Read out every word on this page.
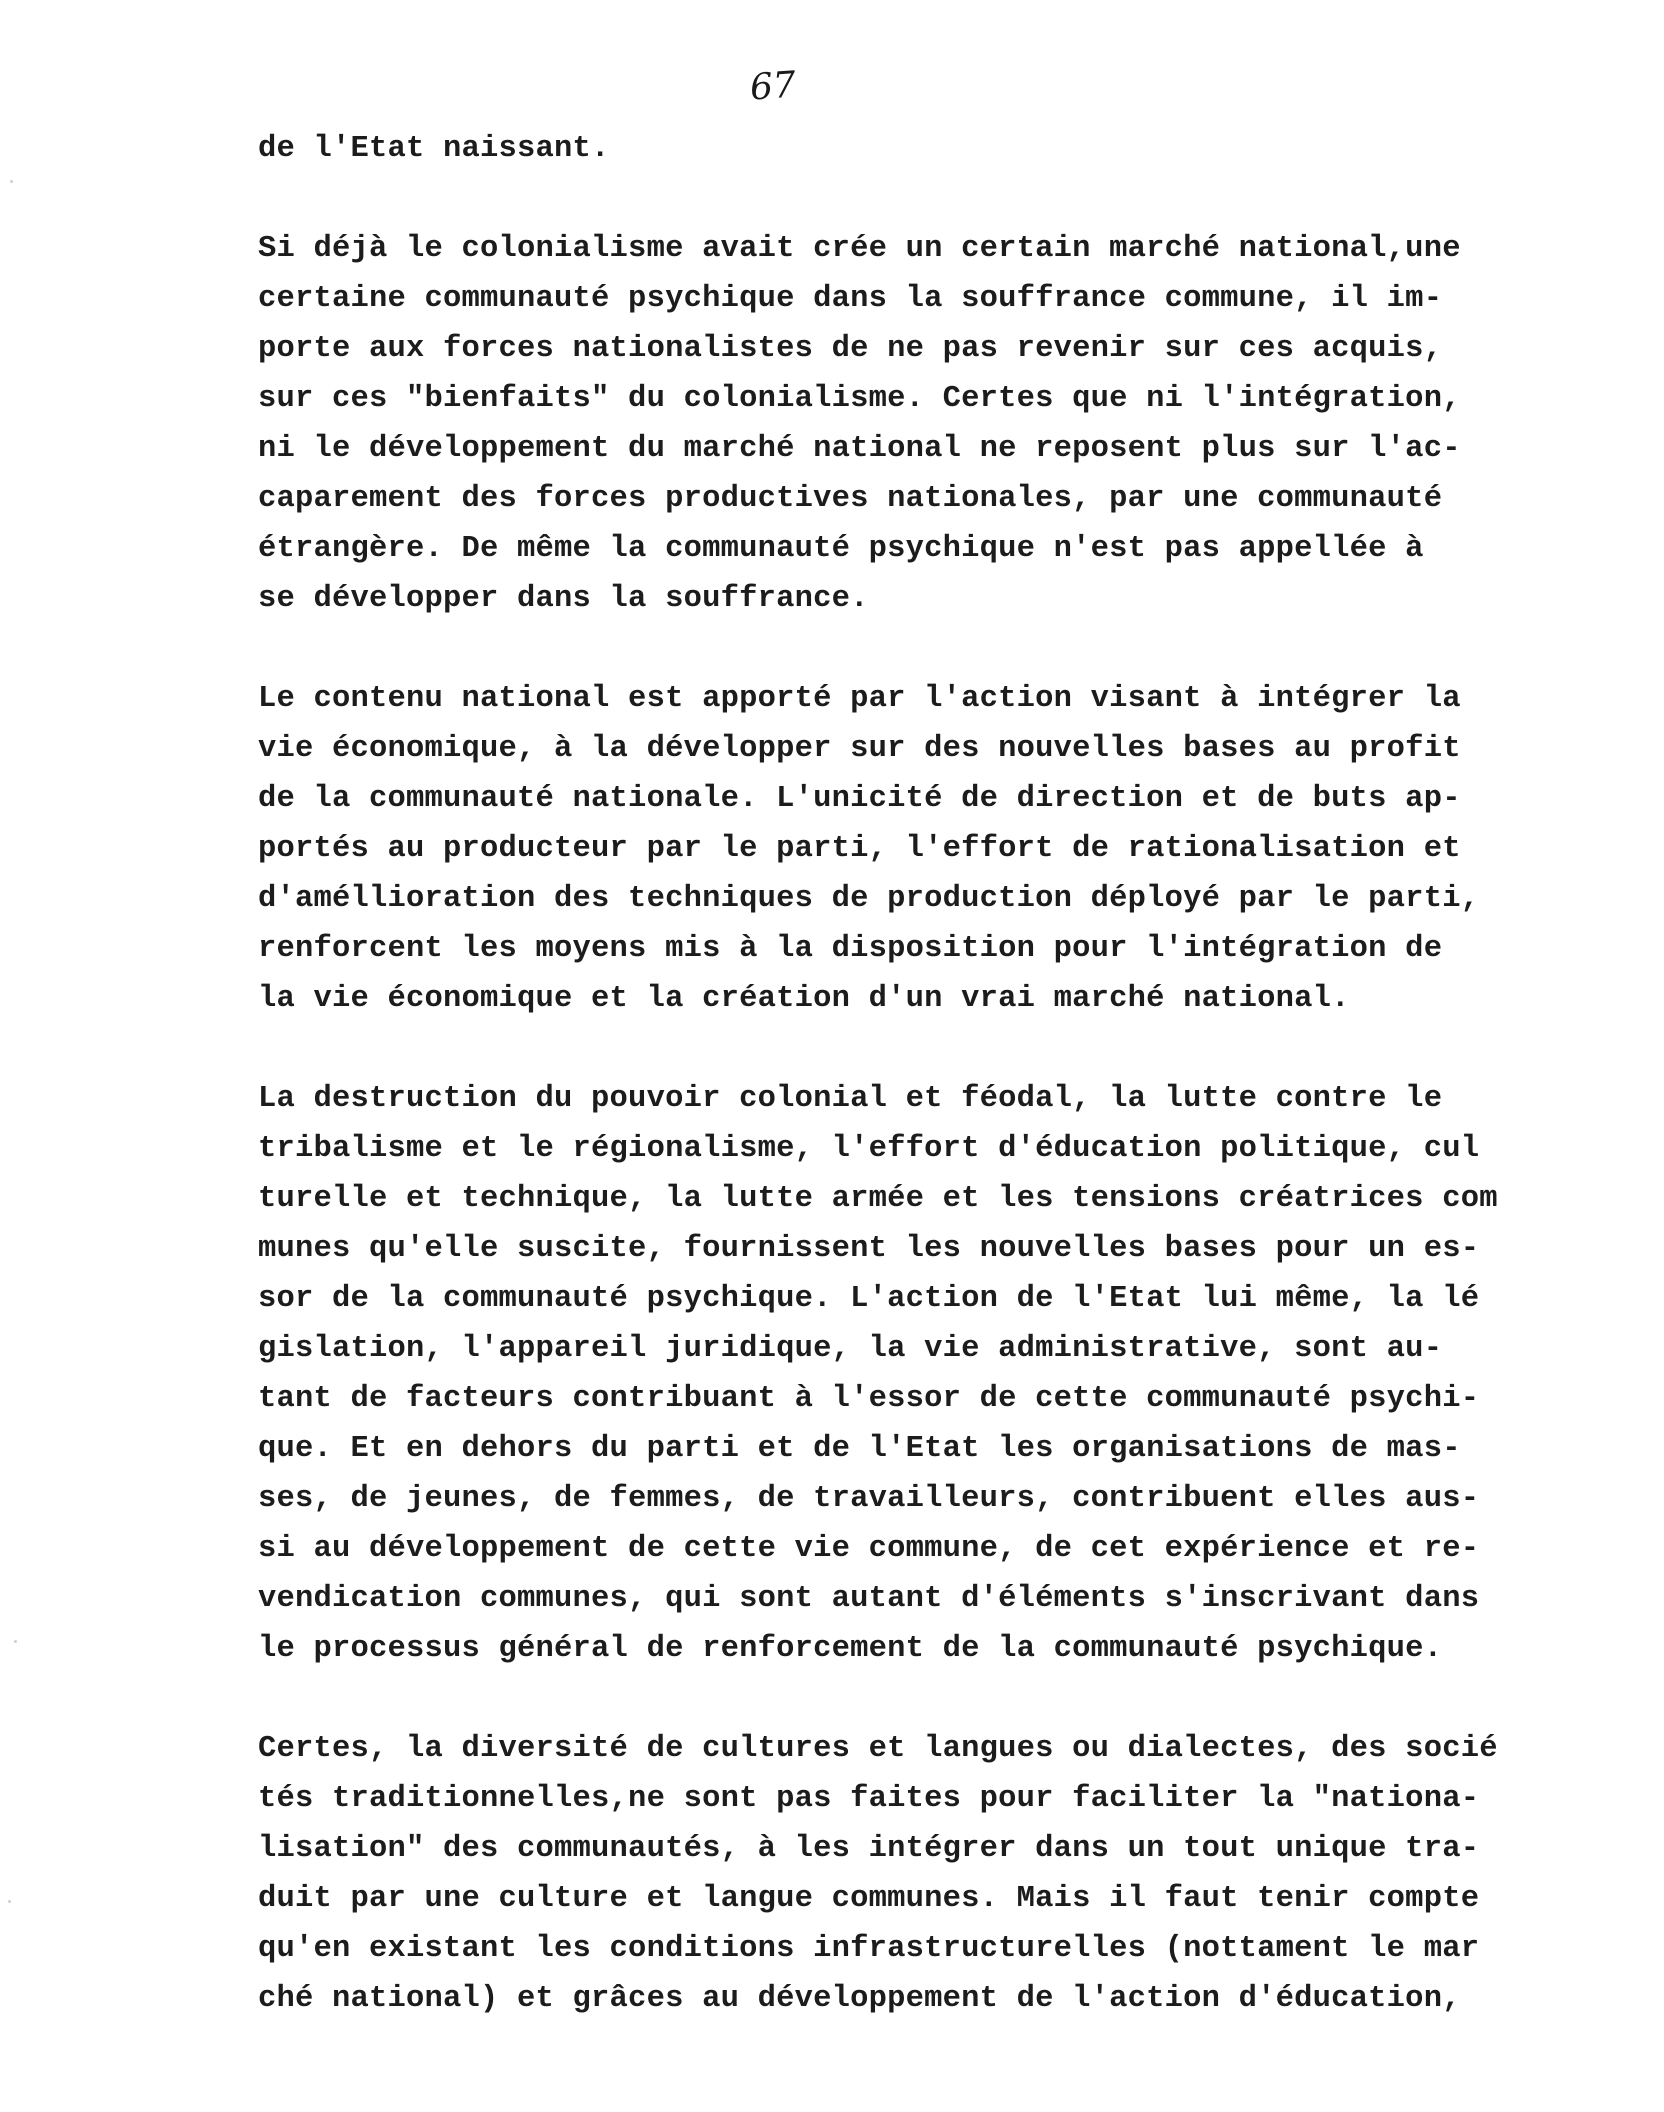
67
de l'Etat naissant.
Si déjà le colonialisme avait crée un certain marché national,une
certaine communauté psychique dans la souffrance commune, il im-
porte aux forces nationalistes de ne pas revenir sur ces acquis,
sur ces "bienfaits" du colonialisme. Certes que ni l'intégration,
ni le développement du marché national ne reposent plus sur l'ac-
caparement des forces productives nationales, par une communauté
étrangère. De même la communauté psychique n'est pas appellée à
se développer dans la souffrance.
Le contenu national est apporté par l'action visant à intégrer la
vie économique, à la développer sur des nouvelles bases au profit
de la communauté nationale. L'unicité de direction et de buts ap-
portés au producteur par le parti, l'effort de rationalisation et
d'améllioration des techniques de production déployé par le parti,
renforcent les moyens mis à la disposition pour l'intégration de
la vie économique et la création d'un vrai marché national.
La destruction du pouvoir colonial et féodal, la lutte contre le
tribalisme et le régionalisme, l'effort d'éducation politique, cul
turelle et technique, la lutte armée et les tensions créatrices com
munes qu'elle suscite, fournissent les nouvelles bases pour un es-
sor de la communauté psychique. L'action de l'Etat lui même, la lé
gislation, l'appareil juridique, la vie administrative, sont au-
tant de facteurs contribuant à l'essor de cette communauté psychi-
que. Et en dehors du parti et de l'Etat les organisations de mas-
ses, de jeunes, de femmes, de travailleurs, contribuent elles aus-
si au développement de cette vie commune, de cet expérience et re-
vendication communes, qui sont autant d'éléments s'inscrivant dans
le processus général de renforcement de la communauté psychique.
Certes, la diversité de cultures et langues ou dialectes, des socié
tés traditionnelles,ne sont pas faites pour faciliter la "nationa-
lisation" des communautés, à les intégrer dans un tout unique tra-
duit par une culture et langue communes. Mais il faut tenir compte
qu'en existant les conditions infrastructurelles (nottament le mar
ché national) et grâces au développement de l'action d'éducation,
